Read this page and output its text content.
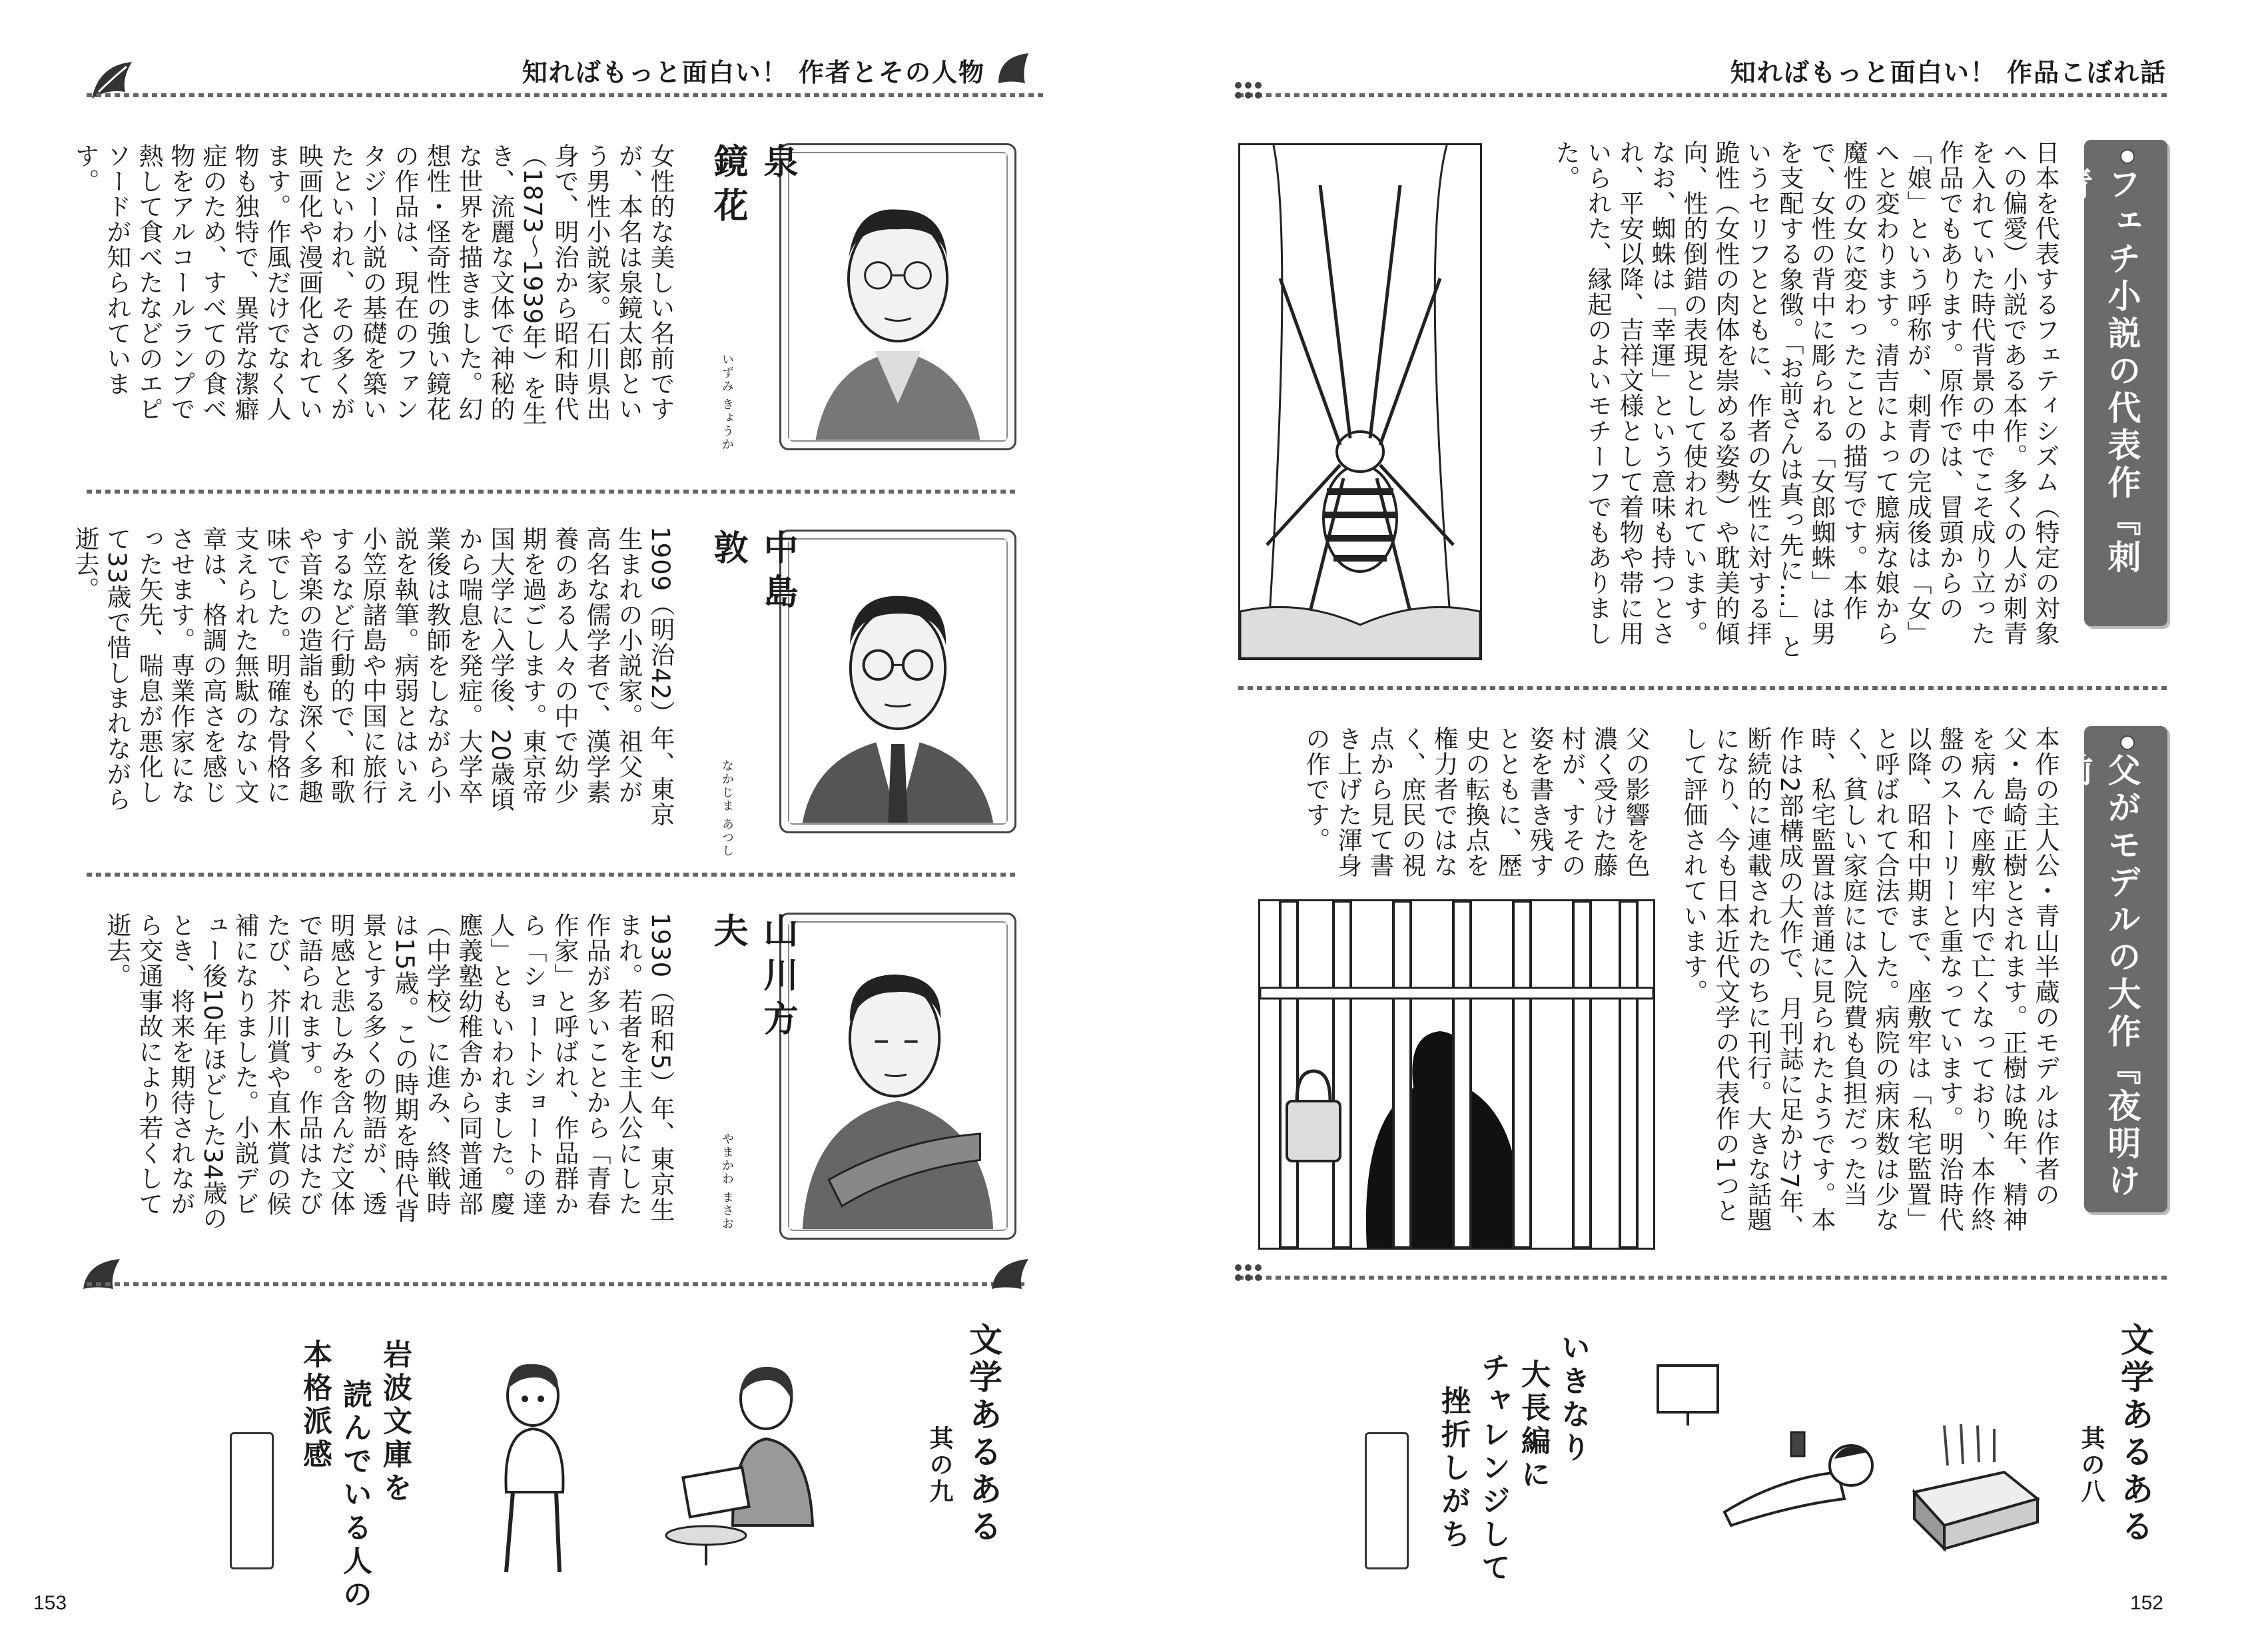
知ればもっと面白い！ 作者とその人物
泉 鏡花
いずみ きょうか
女性的な美しい名前ですが、本名は泉鏡太郎という男性小説家。石川県出身で、明治から昭和時代（1873〜1939年）を生き、流麗な文体で神秘的な世界を描きました。幻想性・怪奇性の強い鏡花の作品は、現在のファンタジー小説の基礎を築いたといわれ、その多くが映画化や漫画化されています。作風だけでなく人物も独特で、異常な潔癖症のため、すべての食べ物をアルコールランプで熱して食べたなどのエピソードが知られています。
中島 敦
なかじま あつし
1909（明治42）年、東京生まれの小説家。祖父が高名な儒学者で、漢学素養のある人々の中で幼少期を過ごします。東京帝国大学に入学後、20歳頃から喘息を発症。大学卒業後は教師をしながら小説を執筆。病弱とはいえ小笠原諸島や中国に旅行するなど行動的で、和歌や音楽の造詣も深く多趣味でした。明確な骨格に支えられた無駄のない文章は、格調の高さを感じさせます。専業作家になった矢先、喘息が悪化して33歳で惜しまれながら逝去。
山川方夫
やまかわ まさお
1930（昭和5）年、東京生まれ。若者を主人公にした作品が多いことから「青春作家」と呼ばれ、作品群から「ショートショートの達人」ともいわれました。慶應義塾幼稚舎から同普通部（中学校）に進み、終戦時は15歳。この時期を時代背景とする多くの物語が、透明感と悲しみを含んだ文体で語られます。作品はたびたび、芥川賞や直木賞の候補になりました。小説デビュー後10年ほどした34歳のとき、将来を期待されながら交通事故により若くして逝去。
文学あるある
其の九
岩波文庫を
読んでいる人の
本格派感
153
知ればもっと面白い！ 作品こぼれ話
フェチ小説の代表作『刺青』
日本を代表するフェティシズム（特定の対象への偏愛）小説である本作。多くの人が刺青を入れていた時代背景の中でこそ成り立った作品でもあります。原作では、冒頭からの「娘」という呼称が、刺青の完成後は「女」へと変わります。清吉によって臆病な娘から魔性の女に変わったことの描写です。本作で、女性の背中に彫られる「女郎蜘蛛」は男を支配する象徴。「お前さんは真っ先に…」というセリフとともに、作者の女性に対する拝跪性（女性の肉体を崇める姿勢）や耽美的傾向、性的倒錯の表現として使われています。なお、蜘蛛は「幸運」という意味も持つとされ、平安以降、吉祥文様として着物や帯に用いられた、縁起のよいモチーフでもありました。
父がモデルの大作『夜明け前』
本作の主人公・青山半蔵のモデルは作者の父・島崎正樹とされます。正樹は晩年、精神を病んで座敷牢内で亡くなっており、本作終盤のストーリーと重なっています。明治時代以降、昭和中期まで、座敷牢は「私宅監置」と呼ばれて合法でした。病院の病床数は少なく、貧しい家庭には入院費も負担だった当時、私宅監置は普通に見られたようです。本作は2部構成の大作で、月刊誌に足かけ7年、断続的に連載されたのちに刊行。大きな話題になり、今も日本近代文学の代表作の1つとして評価されています。
父の影響を色濃く受けた藤村が、すその姿を書き残すとともに、歴史の転換点を権力者ではなく、庶民の視点から見て書き上げた渾身の作です。
文学あるある
其の八
いきなり
大長編に
チャレンジして
挫折しがち
152
